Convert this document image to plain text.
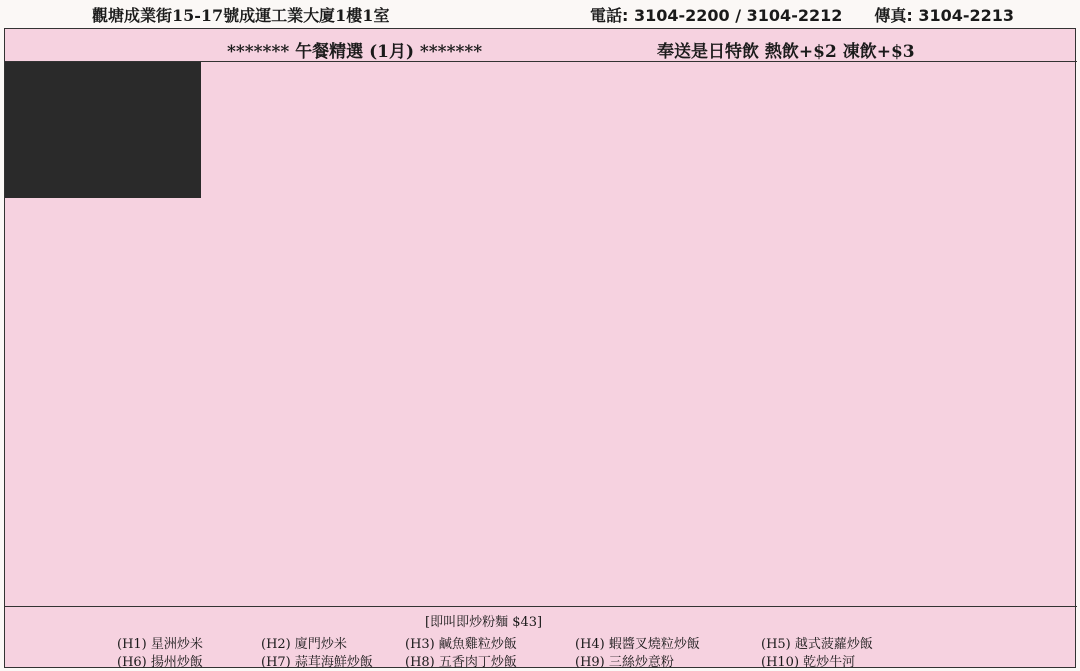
觀塘成業街15-17號成運工業大廈1樓1室	電話: 3104-2200 / 3104-2212　　 傳真: 3104-2213
******* 午餐精選 (1月) *******	奉送是日特飲 熱飲+$2 凍飲+$3
[即叫即炒粉麵 $43]
(H1) 星洲炒米	(H2) 廈門炒米	(H3) 鹹魚雞粒炒飯	(H4) 蝦醬叉燒粒炒飯	(H5) 越式菠蘿炒飯
(H6) 揚州炒飯	(H7) 蒜茸海鮮炒飯 (H8) 五香肉丁炒飯	(H9) 三絲炒意粉	(H10) 乾炒牛河
